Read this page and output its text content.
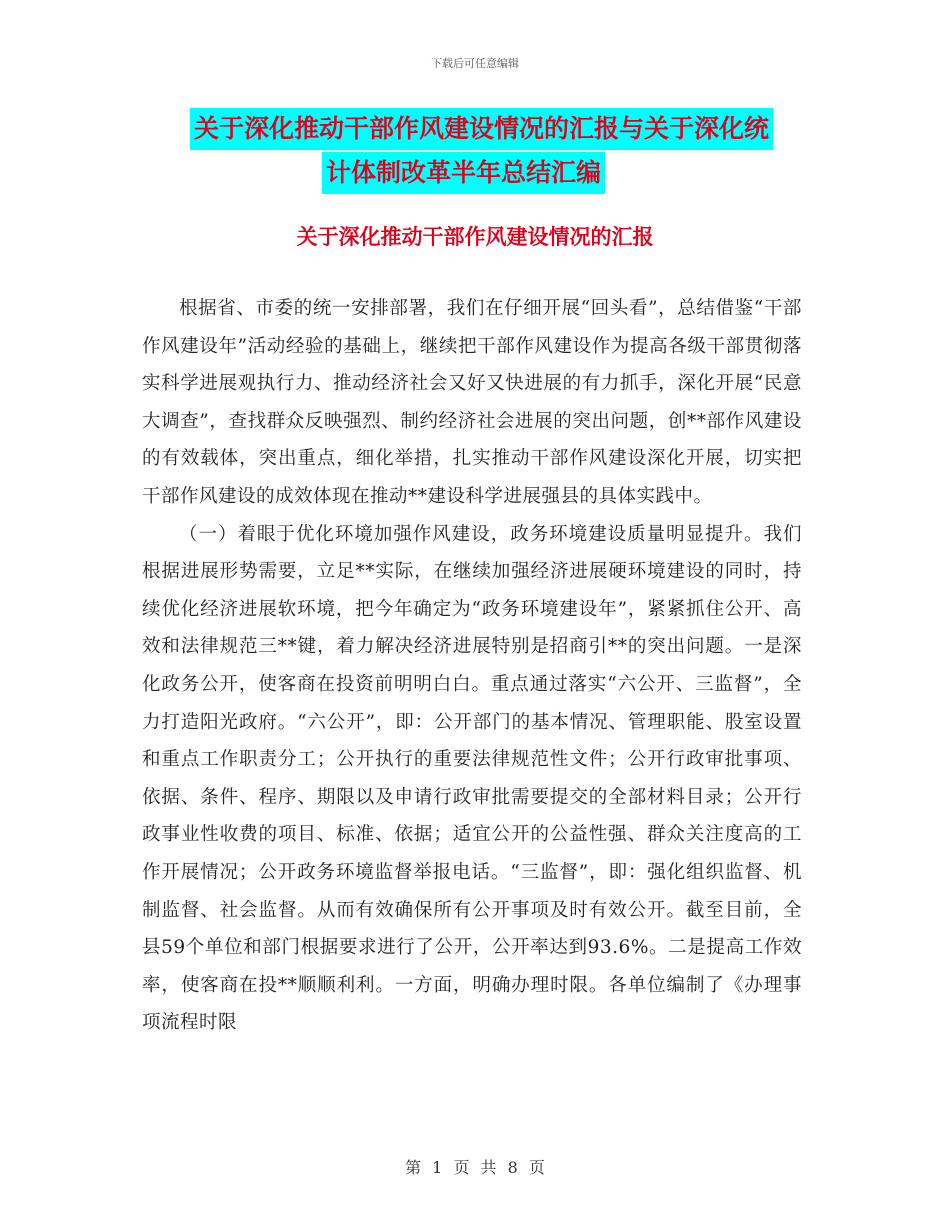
下载后可任意编辑
关于深化推动干部作风建设情况的汇报与关于深化统
计体制改革半年总结汇编
关于深化推动干部作风建设情况的汇报

根据省、市委的统一安排部署，我们在仔细开展“回头看”，总结借鉴“干部作风建设年”活动经验的基础上，继续把干部作风建设作为提高各级干部贯彻落实科学进展观执行力、推动经济社会又好又快进展的有力抓手，深化开展“民意大调查”，查找群众反映强烈、制约经济社会进展的突出问题，创**部作风建设的有效载体，突出重点，细化举措，扎实推动干部作风建设深化开展，切实把干部作风建设的成效体现在推动**建设科学进展强县的具体实践中。

（一）着眼于优化环境加强作风建设，政务环境建设质量明显提升。我们根据进展形势需要，立足**实际，在继续加强经济进展硬环境建设的同时，持续优化经济进展软环境，把今年确定为“政务环境建设年”，紧紧抓住公开、高效和法律规范三**键，着力解决经济进展特别是招商引**的突出问题。一是深化政务公开，使客商在投资前明明白白。重点通过落实“六公开、三监督”，全力打造阳光政府。“六公开”，即：公开部门的基本情况、管理职能、股室设置和重点工作职责分工；公开执行的重要法律规范性文件；公开行政审批事项、依据、条件、程序、期限以及申请行政审批需要提交的全部材料目录；公开行政事业性收费的项目、标准、依据；适宜公开的公益性强、群众关注度高的工作开展情况；公开政务环境监督举报电话。“三监督”，即：强化组织监督、机制监督、社会监督。从而有效确保所有公开事项及时有效公开。截至目前，全县59个单位和部门根据要求进行了公开，公开率达到93.6%。二是提高工作效率，使客商在投**顺顺利利。一方面，明确办理时限。各单位编制了《办理事项流程时限

第 1 页 共 8 页
